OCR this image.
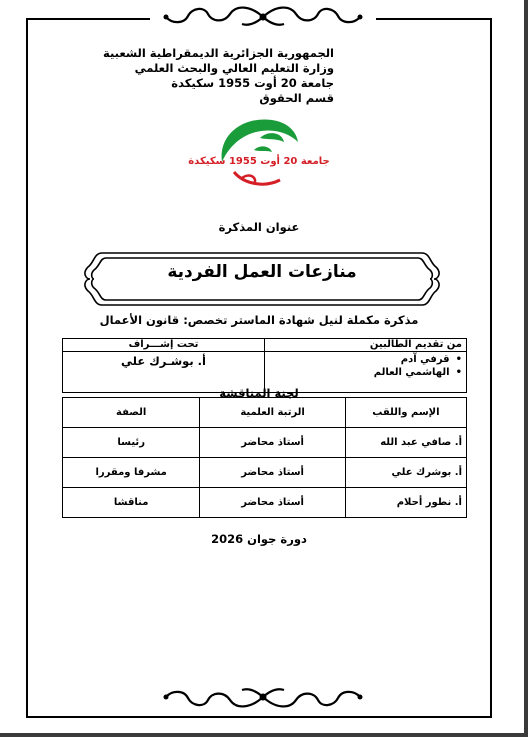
الجمهورية الجزائرية الديمقراطية الشعبية
وزارة التعليم العالي والبحث العلمي
جامعة 20 أوت 1955 سكيكدة
قسم الحقوق
جامعة 20 أوت 1955 سكيكدة
عنوان المذكرة
منازعات العمل الفردية
مذكرة مكملة لنيل شهادة الماستر تخصص: قانون الأعمال
من تقديم الطالبين	تحت إشـــراف

• قرفي آدم
• الهاشمي العالم	أ. بوشـرك علي
لجنة المناقشة
الإسم واللقب	الرتبة العلمية	الصفة
أ. صافي عبد الله	أستاذ محاضر	رئيسا
أ. بوشرك علي	أستاذ محاضر	مشرفا ومقررا
أ. نطور أحلام	أستاذ محاضر	مناقشا
دورة جوان 2026
